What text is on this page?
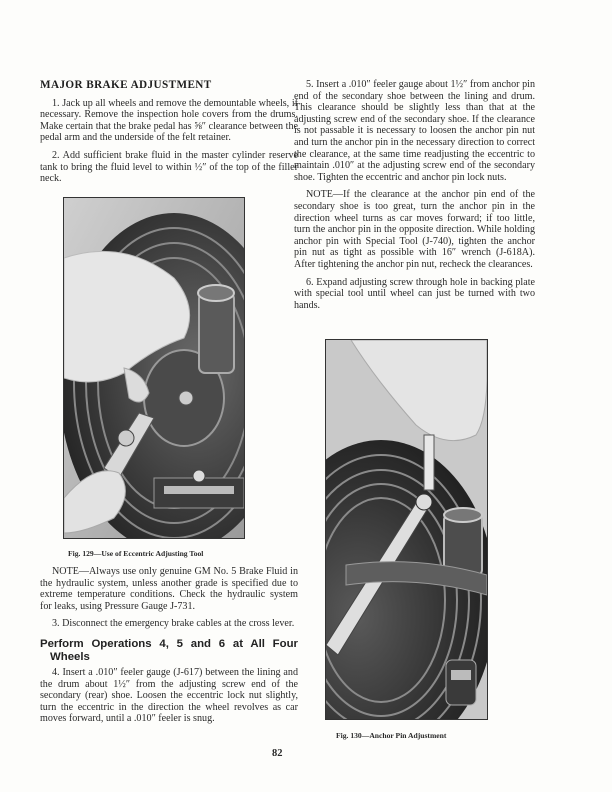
MAJOR BRAKE ADJUSTMENT

1. Jack up all wheels and remove the demountable wheels, if necessary. Remove the inspection hole covers from the drums. Make certain that the brake pedal has ⅝″ clearance between the pedal arm and the underside of the felt retainer.

2. Add sufficient brake fluid in the master cylinder reserve tank to bring the fluid level to within ½″ of the top of the filler neck.

Fig. 129—Use of Eccentric Adjusting Tool

NOTE—Always use only genuine GM No. 5 Brake Fluid in the hydraulic system, unless another grade is specified due to extreme temperature conditions. Check the hydraulic system for leaks, using Pressure Gauge J-731.

3. Disconnect the emergency brake cables at the cross lever.

Perform Operations 4, 5 and 6 at All Four Wheels

4. Insert a .010″ feeler gauge (J-617) between the lining and the drum about 1½″ from the adjusting screw end of the secondary (rear) shoe. Loosen the eccentric lock nut slightly, turn the eccentric in the direction the wheel revolves as car moves forward, until a .010″ feeler is snug.

5. Insert a .010″ feeler gauge about 1½″ from anchor pin end of the secondary shoe between the lining and drum. This clearance should be slightly less than that at the adjusting screw end of the secondary shoe. If the clearance is not passable it is necessary to loosen the anchor pin nut and turn the anchor pin in the necessary direction to correct the clearance, at the same time readjusting the eccentric to maintain .010″ at the adjusting screw end of the secondary shoe. Tighten the eccentric and anchor pin lock nuts.

NOTE—If the clearance at the anchor pin end of the secondary shoe is too great, turn the anchor pin in the direction wheel turns as car moves forward; if too little, turn the anchor pin in the opposite direction. While holding anchor pin with Special Tool (J-740), tighten the anchor pin nut as tight as possible with 16″ wrench (J-618A). After tightening the anchor pin nut, recheck the clearances.

6. Expand adjusting screw through hole in backing plate with special tool until wheel can just be turned with two hands.

Fig. 130—Anchor Pin Adjustment
82
